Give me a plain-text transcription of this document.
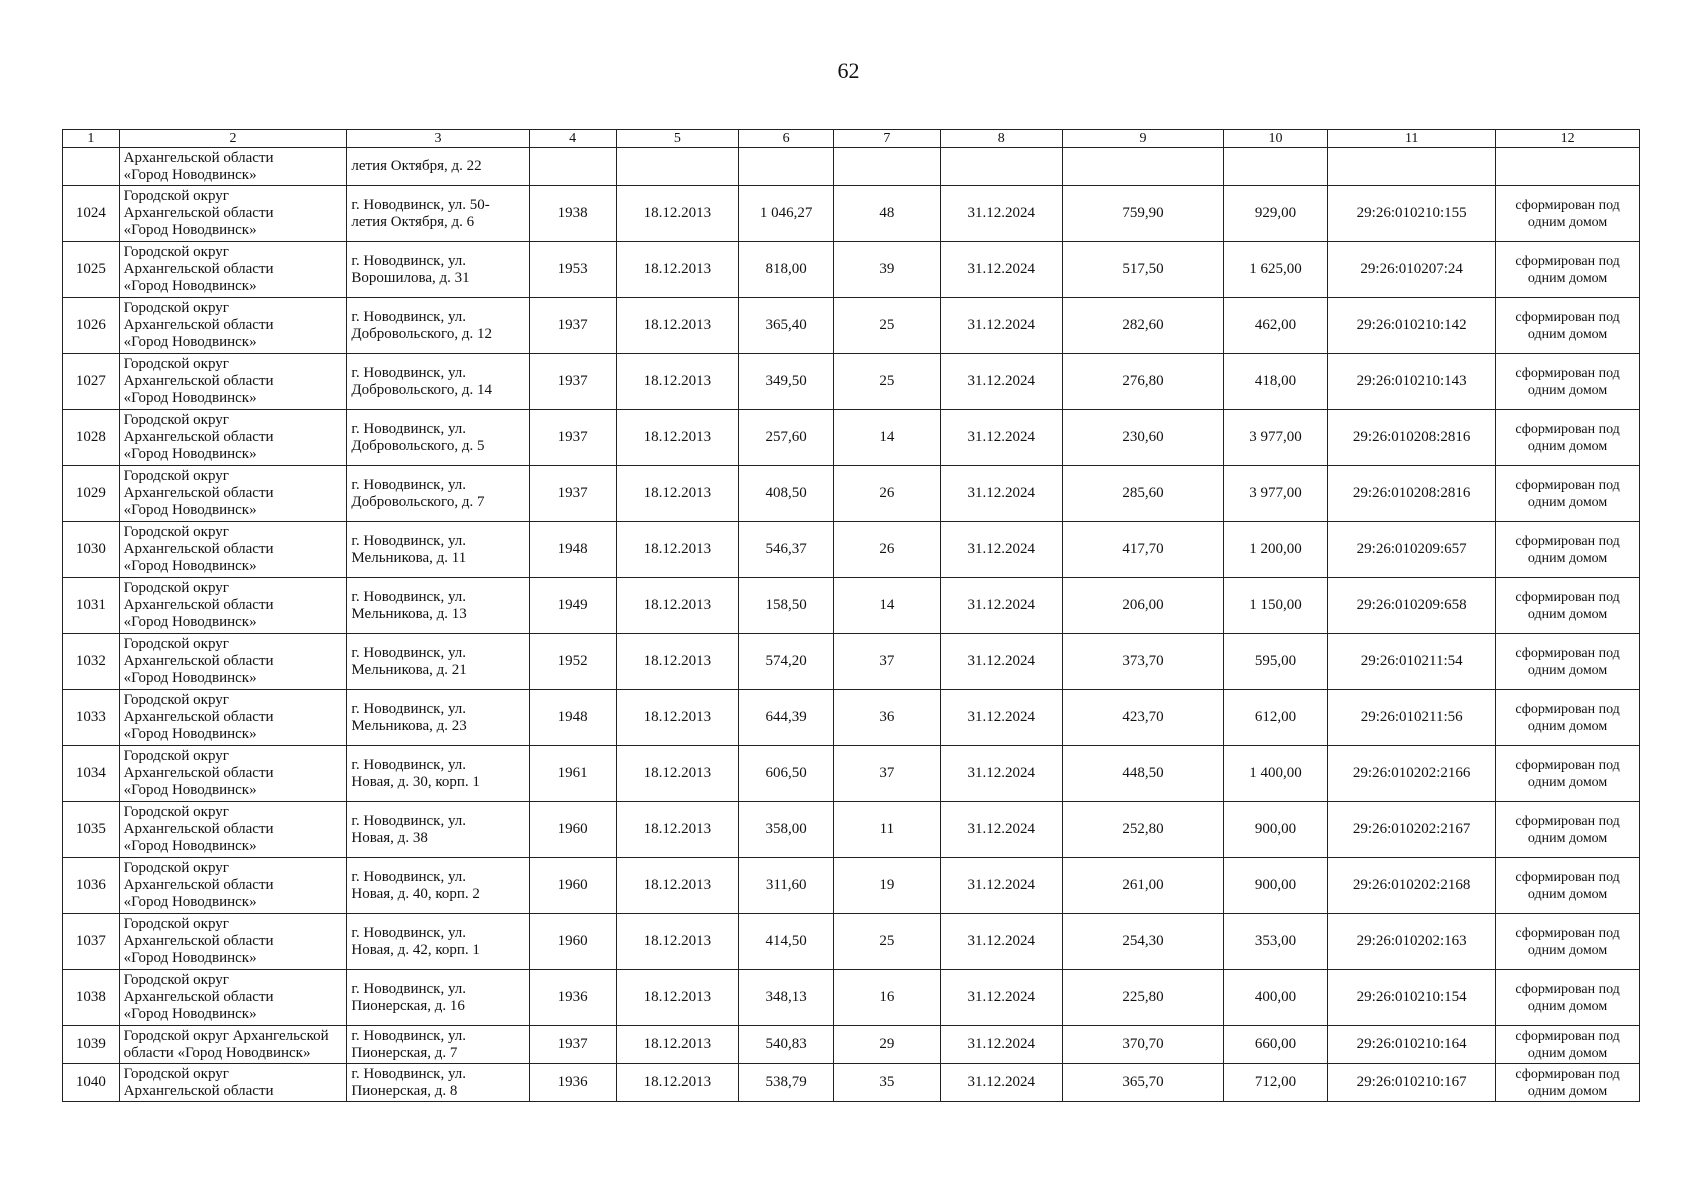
62
1	2	3	4	5	6	7	8	9	10	11	12

	Архангельской области
«Город Новодвинск»	летия Октября, д. 22									

1024	Городской округ
Архангельской области
«Город Новодвинск»	г. Новодвинск, ул. 50-
летия Октября, д. 6	1938	18.12.2013	1 046,27	48	31.12.2024	759,90	929,00	29:26:010210:155	сформирован под
одним домом

1025	Городской округ
Архангельской области
«Город Новодвинск»	г. Новодвинск, ул.
Ворошилова, д. 31	1953	18.12.2013	818,00	39	31.12.2024	517,50	1 625,00	29:26:010207:24	сформирован под
одним домом

1026	Городской округ
Архангельской области
«Город Новодвинск»	г. Новодвинск, ул.
Добровольского, д. 12	1937	18.12.2013	365,40	25	31.12.2024	282,60	462,00	29:26:010210:142	сформирован под
одним домом

1027	Городской округ
Архангельской области
«Город Новодвинск»	г. Новодвинск, ул.
Добровольского, д. 14	1937	18.12.2013	349,50	25	31.12.2024	276,80	418,00	29:26:010210:143	сформирован под
одним домом

1028	Городской округ
Архангельской области
«Город Новодвинск»	г. Новодвинск, ул.
Добровольского, д. 5	1937	18.12.2013	257,60	14	31.12.2024	230,60	3 977,00	29:26:010208:2816	сформирован под
одним домом

1029	Городской округ
Архангельской области
«Город Новодвинск»	г. Новодвинск, ул.
Добровольского, д. 7	1937	18.12.2013	408,50	26	31.12.2024	285,60	3 977,00	29:26:010208:2816	сформирован под
одним домом

1030	Городской округ
Архангельской области
«Город Новодвинск»	г. Новодвинск, ул.
Мельникова, д. 11	1948	18.12.2013	546,37	26	31.12.2024	417,70	1 200,00	29:26:010209:657	сформирован под
одним домом

1031	Городской округ
Архангельской области
«Город Новодвинск»	г. Новодвинск, ул.
Мельникова, д. 13	1949	18.12.2013	158,50	14	31.12.2024	206,00	1 150,00	29:26:010209:658	сформирован под
одним домом

1032	Городской округ
Архангельской области
«Город Новодвинск»	г. Новодвинск, ул.
Мельникова, д. 21	1952	18.12.2013	574,20	37	31.12.2024	373,70	595,00	29:26:010211:54	сформирован под
одним домом

1033	Городской округ
Архангельской области
«Город Новодвинск»	г. Новодвинск, ул.
Мельникова, д. 23	1948	18.12.2013	644,39	36	31.12.2024	423,70	612,00	29:26:010211:56	сформирован под
одним домом

1034	Городской округ
Архангельской области
«Город Новодвинск»	г. Новодвинск, ул.
Новая, д. 30, корп. 1	1961	18.12.2013	606,50	37	31.12.2024	448,50	1 400,00	29:26:010202:2166	сформирован под
одним домом

1035	Городской округ
Архангельской области
«Город Новодвинск»	г. Новодвинск, ул.
Новая, д. 38	1960	18.12.2013	358,00	11	31.12.2024	252,80	900,00	29:26:010202:2167	сформирован под
одним домом

1036	Городской округ
Архангельской области
«Город Новодвинск»	г. Новодвинск, ул.
Новая, д. 40, корп. 2	1960	18.12.2013	311,60	19	31.12.2024	261,00	900,00	29:26:010202:2168	сформирован под
одним домом

1037	Городской округ
Архангельской области
«Город Новодвинск»	г. Новодвинск, ул.
Новая, д. 42, корп. 1	1960	18.12.2013	414,50	25	31.12.2024	254,30	353,00	29:26:010202:163	сформирован под
одним домом

1038	Городской округ
Архангельской области
«Город Новодвинск»	г. Новодвинск, ул.
Пионерская, д. 16	1936	18.12.2013	348,13	16	31.12.2024	225,80	400,00	29:26:010210:154	сформирован под
одним домом

1039	Городской округ Архангельской
области «Город Новодвинск»	г. Новодвинск, ул.
Пионерская, д. 7	1937	18.12.2013	540,83	29	31.12.2024	370,70	660,00	29:26:010210:164	сформирован под
одним домом

1040	Городской округ
Архангельской области	г. Новодвинск, ул.
Пионерская, д. 8	1936	18.12.2013	538,79	35	31.12.2024	365,70	712,00	29:26:010210:167	сформирован под
одним домом
